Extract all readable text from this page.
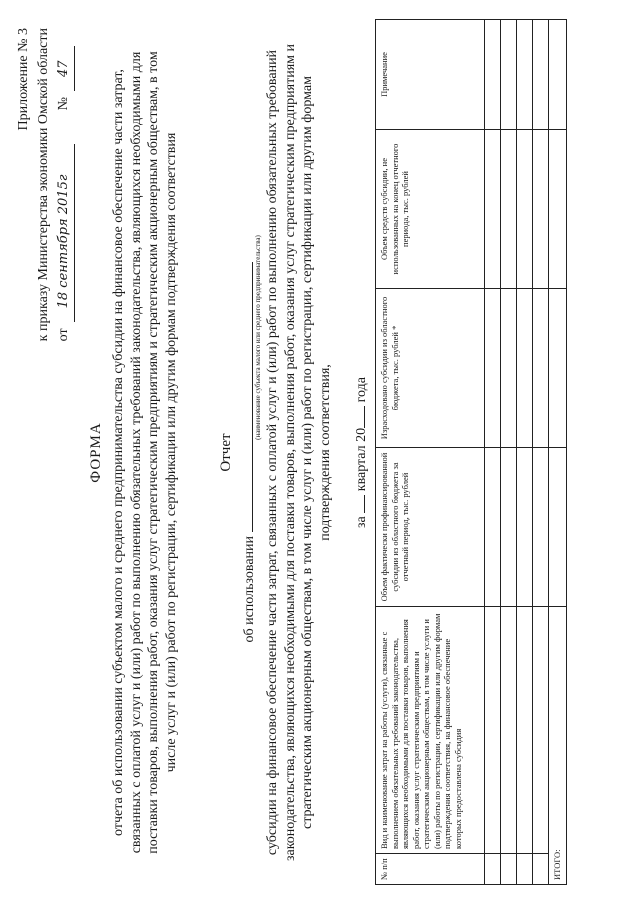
Приложение № 3 к приказу Министерства экономики Омской области от
18 сентября 2015г
№
47
ФОРМА отчета об использовании субъектом малого и среднего предпринимательства субсидии на финансовое обеспечение части затрат, связанных с оплатой услуг и (или) работ по выполнению обязательных требований законодательства, являющихся необходимыми для поставки товаров, выполнения работ, оказания услуг стратегическим предприятиям и стратегическим акционерным обществам, в том числе услуг и (или) работ по регистрации, сертификации или другим формам подтверждения соответствия	Отчет
об использовании
(наименование субъекта малого или среднего предпринимательства) субсидии на финансовое обеспечение части затрат, связанных с оплатой услуг и (или) работ по выполнению обязательных требований законодательства, являющихся необходимыми для поставки товаров, выполнения работ, оказания услуг стратегическим предприятиям и стратегическим акционерным обществам, в том числе услуг и (или) работ по регистрации, сертификации или другим формам подтверждения соответствия, за  квартал 20 года
№ п/п	Вид и наименование затрат на работы (услуги), связанные с выполнением обязательных требований законодательства, являющихся необходимыми для поставки товаров, выполнения работ, оказания услуг стратегическим предприятиям и стратегическим акционерным обществам, в том числе услуги и (или) работы по регистрации, сертификации или другим формам подтверждения соответствия, на финансовое обеспечение которых предоставлена субсидия	Объем фактически профинансированной субсидии из областного бюджета за отчетный период, тыс. рублей	Израсходовано субсидии из областного бюджета, тыс. рублей *	Объем средств субсидии, не использованных на конец отчетного периода, тыс. рублей	Примечание

ИТОГО:					
